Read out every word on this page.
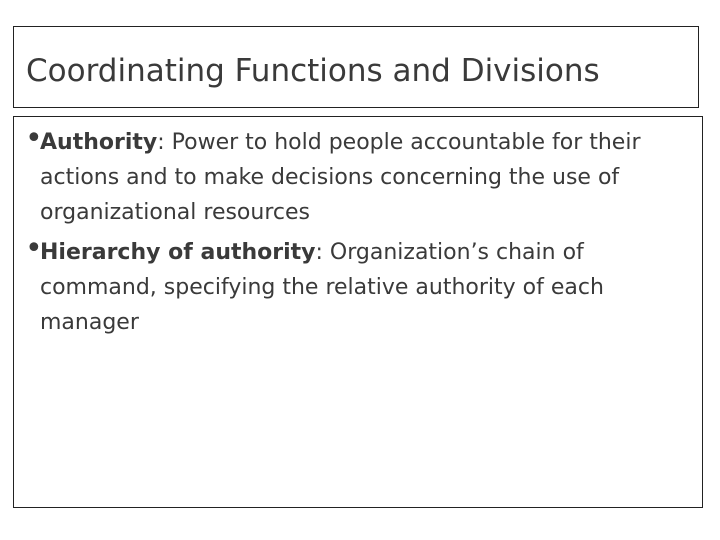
Coordinating Functions and Divisions
•
Authority: Power to hold people accountable for their actions and to make decisions concerning the use of organizational resources
•
Hierarchy of authority: Organization’s chain of command, specifying the relative authority of each manager
